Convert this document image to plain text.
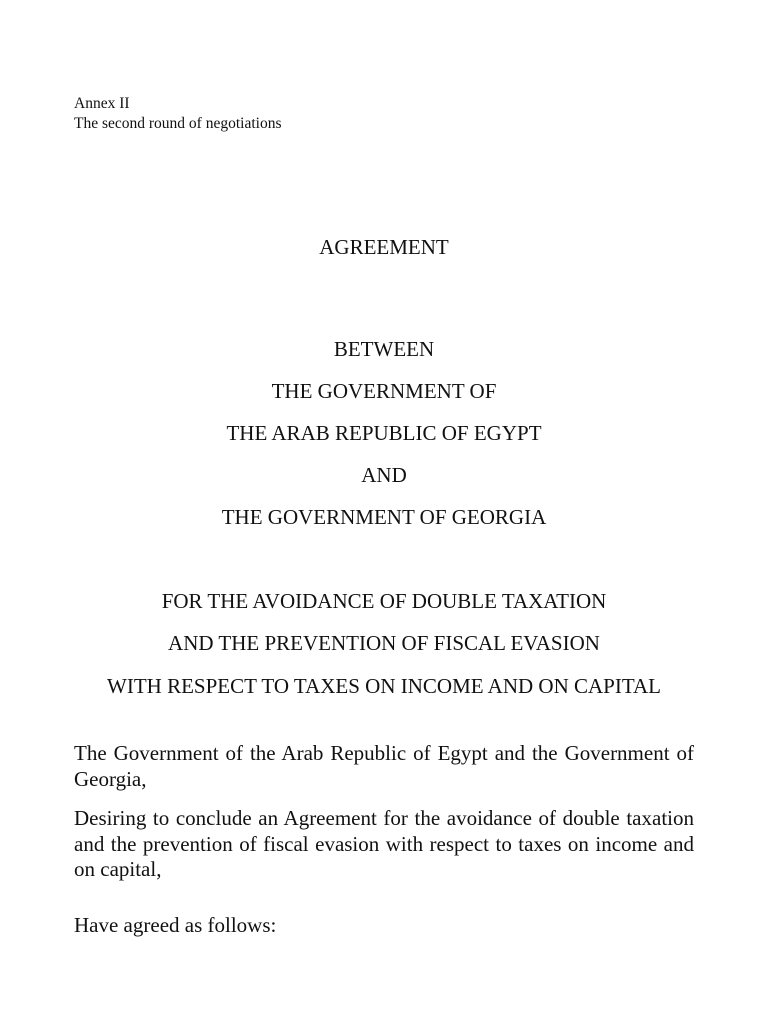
Annex II
The second round of negotiations
AGREEMENT
BETWEEN
THE GOVERNMENT OF
THE ARAB REPUBLIC OF EGYPT
AND
THE GOVERNMENT OF GEORGIA
FOR THE AVOIDANCE OF DOUBLE TAXATION
AND THE PREVENTION OF FISCAL EVASION
WITH RESPECT TO TAXES ON INCOME AND ON CAPITAL
The Government of the Arab Republic of Egypt and the Government of Georgia,
Desiring to conclude an Agreement for the avoidance of double taxation and the prevention of fiscal evasion with respect to taxes on income and on capital,
Have agreed as follows:
